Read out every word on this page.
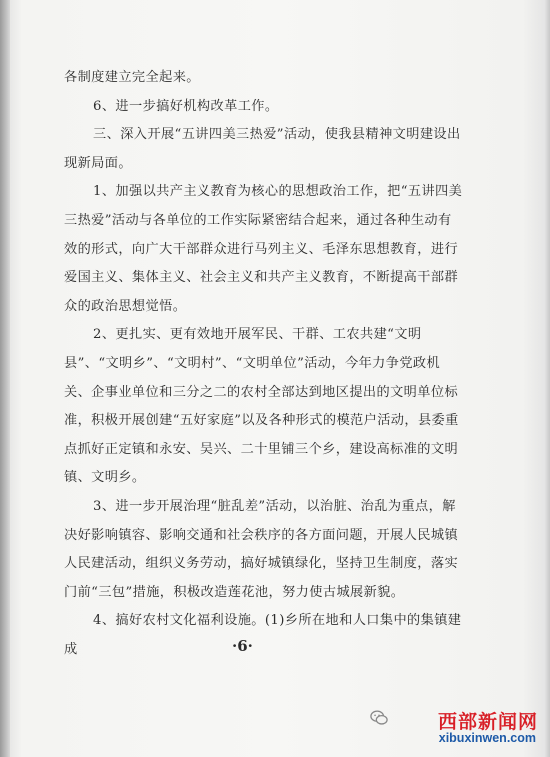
各制度建立完全起来。

6、进一步搞好机构改革工作。

三、深入开展“五讲四美三热爱”活动，使我县精神文明建设出现新局面。

1、加强以共产主义教育为核心的思想政治工作，把“五讲四美三热爱”活动与各单位的工作实际紧密结合起来，通过各种生动有效的形式，向广大干部群众进行马列主义、毛泽东思想教育，进行爱国主义、集体主义、社会主义和共产主义教育，不断提高干部群众的政治思想觉悟。

2、更扎实、更有效地开展军民、干群、工农共建“文明县”、“文明乡”、“文明村”、“文明单位”活动，今年力争党政机关、企事业单位和三分之二的农村全部达到地区提出的文明单位标准，积极开展创建“五好家庭”以及各种形式的模范户活动，县委重点抓好正定镇和永安、吴兴、二十里铺三个乡，建设高标准的文明镇、文明乡。

3、进一步开展治理“脏乱差”活动，以治脏、治乱为重点，解决好影响镇容、影响交通和社会秩序的各方面问题，开展人民城镇人民建活动，组织义务劳动，搞好城镇绿化，坚持卫生制度，落实门前“三包”措施，积极改造莲花池，努力使古城展新貌。

4、搞好农村文化福利设施。(1)乡所在地和人口集中的集镇建成	·6·
西部新闻网
xibuxinwen.com
